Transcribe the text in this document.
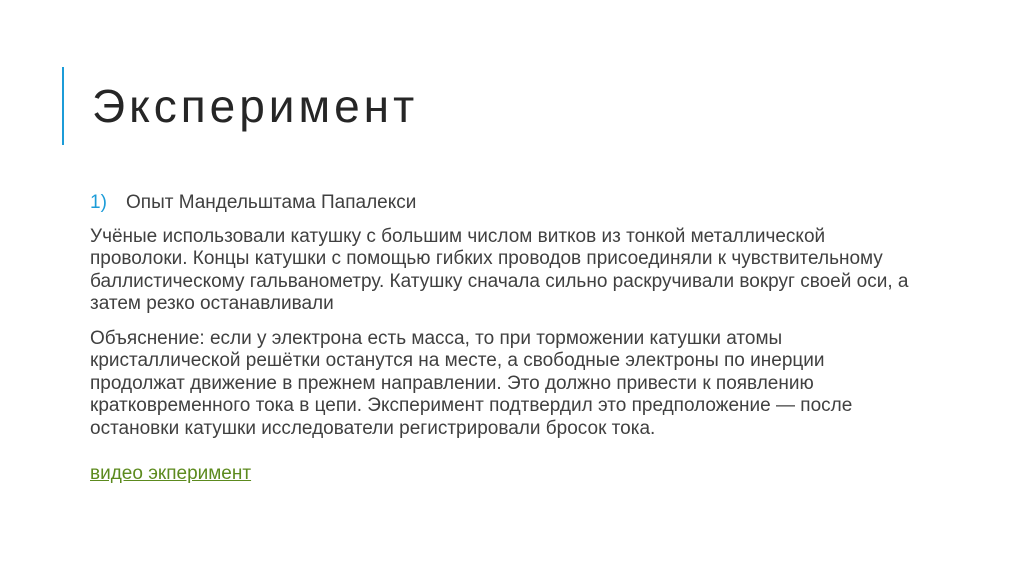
Эксперимент
1)	Опыт Мандельштама Папалекси

Учёные использовали катушку с большим числом витков из тонкой металлической проволоки. Концы катушки с помощью гибких проводов присоединяли к чувствительному баллистическому гальванометру. Катушку сначала сильно раскручивали вокруг своей оси, а затем резко останавливали

Объяснение: если у электрона есть масса, то при торможении катушки атомы кристаллической решётки останутся на месте, а свободные электроны по инерции продолжат движение в прежнем направлении. Это должно привести к появлению кратковременного тока в цепи. Эксперимент подтвердил это предположение — после остановки катушки исследователи регистрировали бросок тока.

видео экперимент
